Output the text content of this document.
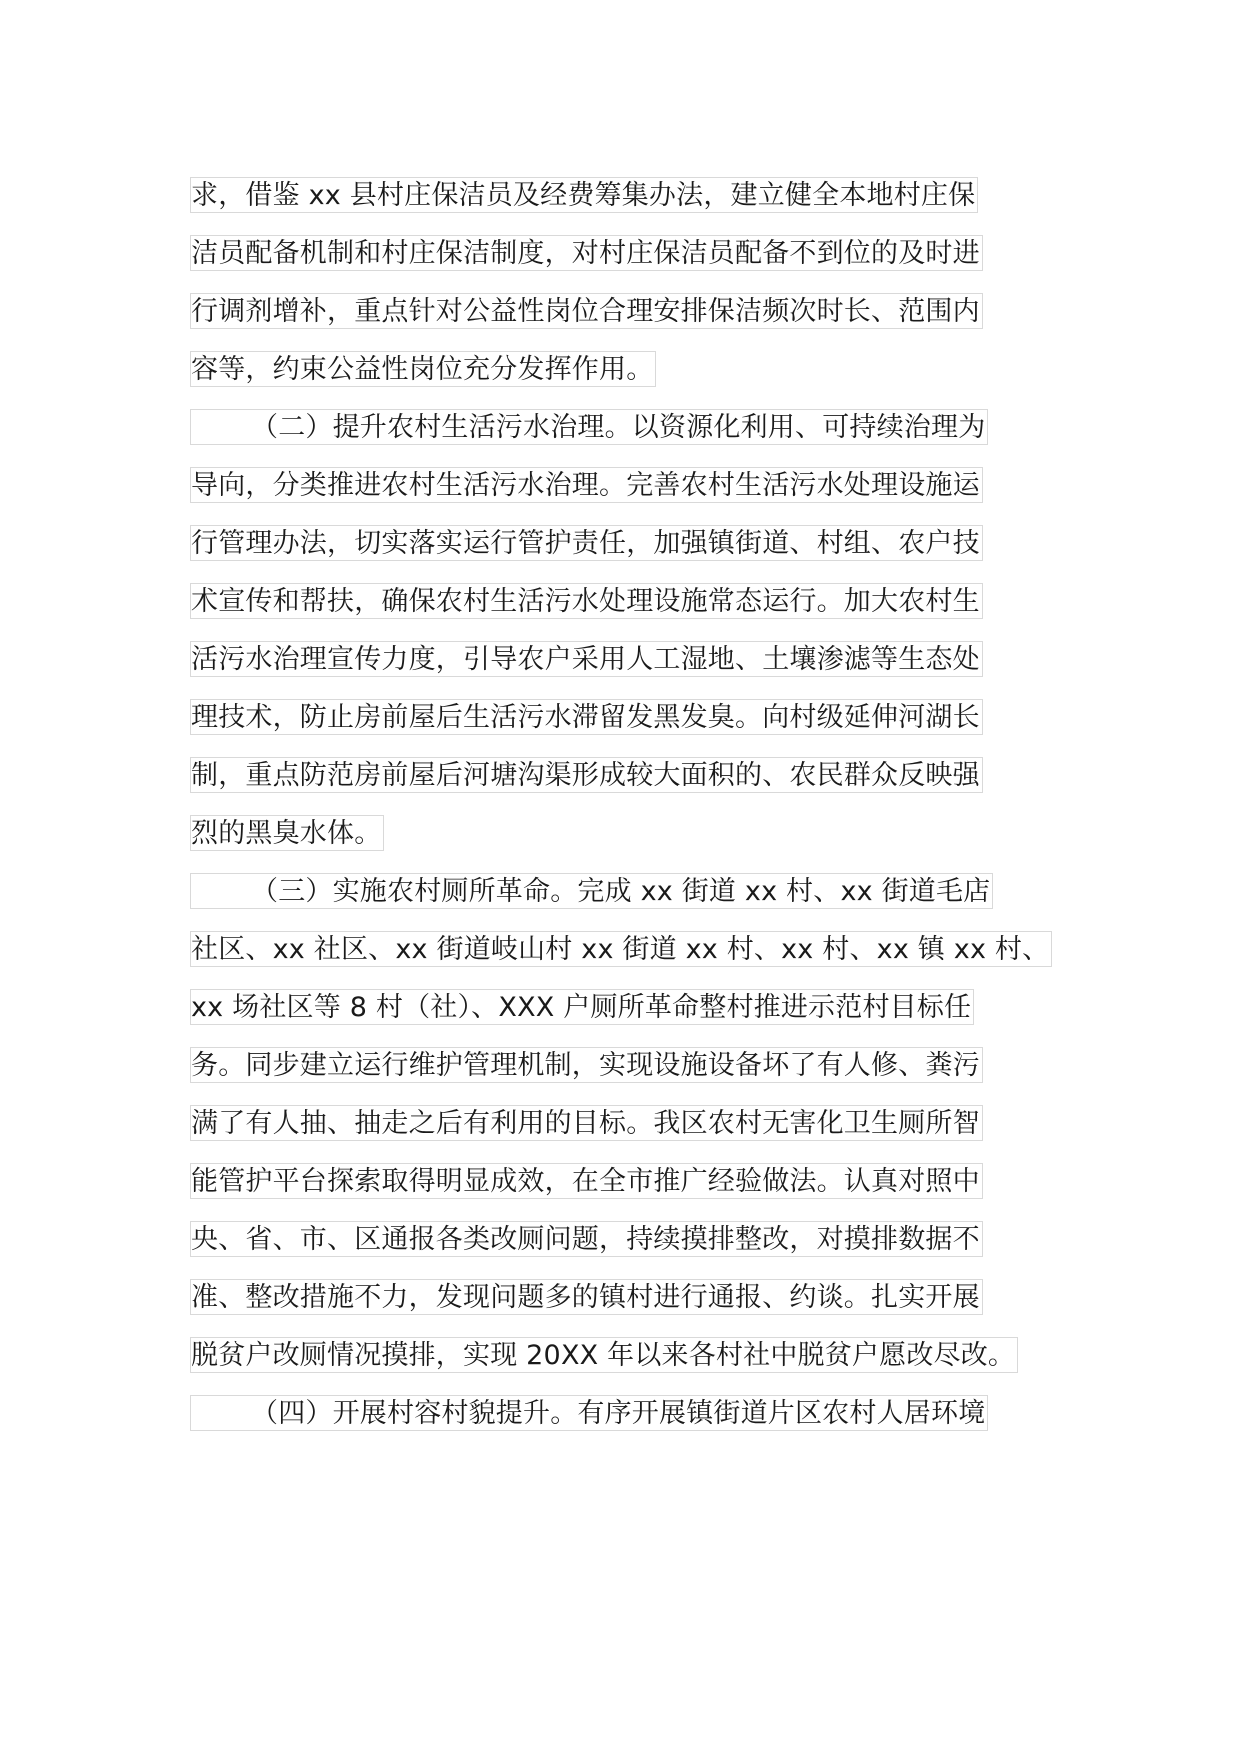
求，借鉴 xx 县村庄保洁员及经费筹集办法，建立健全本地村庄保
洁员配备机制和村庄保洁制度，对村庄保洁员配备不到位的及时进
行调剂增补，重点针对公益性岗位合理安排保洁频次时长、范围内
容等，约束公益性岗位充分发挥作用。
（二）提升农村生活污水治理。以资源化利用、可持续治理为
导向，分类推进农村生活污水治理。完善农村生活污水处理设施运
行管理办法，切实落实运行管护责任，加强镇街道、村组、农户技
术宣传和帮扶，确保农村生活污水处理设施常态运行。加大农村生
活污水治理宣传力度，引导农户采用人工湿地、土壤渗滤等生态处
理技术，防止房前屋后生活污水滞留发黑发臭。向村级延伸河湖长
制，重点防范房前屋后河塘沟渠形成较大面积的、农民群众反映强
烈的黑臭水体。
（三）实施农村厕所革命。完成 xx 街道 xx 村、xx 街道毛店
社区、xx 社区、xx 街道岐山村 xx 街道 xx 村、xx 村、xx 镇 xx 村、
xx 场社区等 8 村（社）、XXX 户厕所革命整村推进示范村目标任
务。同步建立运行维护管理机制，实现设施设备坏了有人修、粪污
满了有人抽、抽走之后有利用的目标。我区农村无害化卫生厕所智
能管护平台探索取得明显成效，在全市推广经验做法。认真对照中
央、省、市、区通报各类改厕问题，持续摸排整改，对摸排数据不
准、整改措施不力，发现问题多的镇村进行通报、约谈。扎实开展
脱贫户改厕情况摸排，实现 20XX 年以来各村社中脱贫户愿改尽改。
（四）开展村容村貌提升。有序开展镇街道片区农村人居环境
